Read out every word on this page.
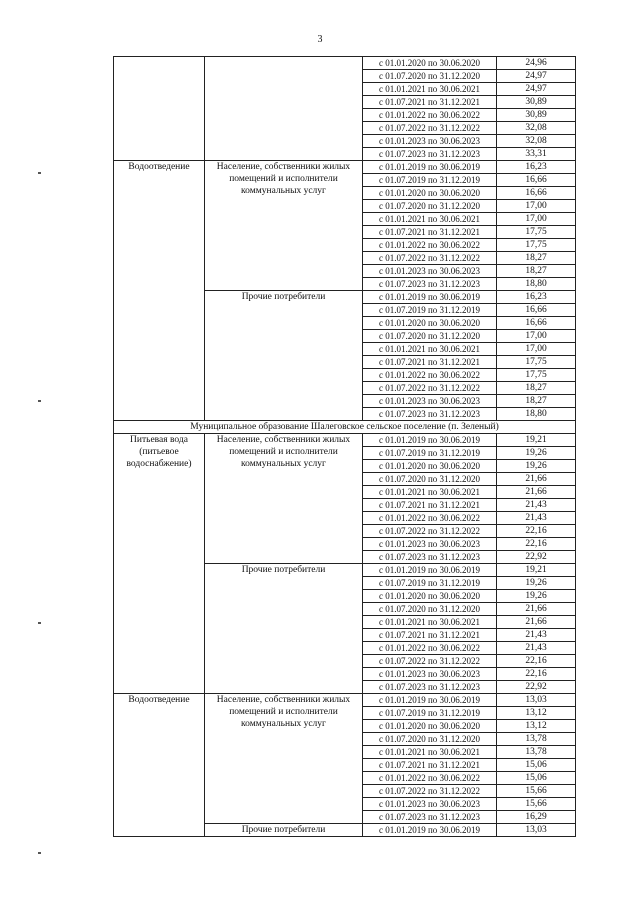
3
		с 01.01.2020 по 30.06.2020	24,96
		с 01.07.2020 по 31.12.2020	24,97
		с 01.01.2021 по 30.06.2021	24,97
		с 01.07.2021 по 31.12.2021	30,89
		с 01.01.2022 по 30.06.2022	30,89
		с 01.07.2022 по 31.12.2022	32,08
		с 01.01.2023 по 30.06.2023	32,08
		с 01.07.2023 по 31.12.2023	33,31
Водоотведение	Население, собственники жилых помещений и исполнители коммунальных услуг	с 01.01.2019 по 30.06.2019	16,23
		с 01.07.2019 по 31.12.2019	16,66
		с 01.01.2020 по 30.06.2020	16,66
		с 01.07.2020 по 31.12.2020	17,00
		с 01.01.2021 по 30.06.2021	17,00
		с 01.07.2021 по 31.12.2021	17,75
		с 01.01.2022 по 30.06.2022	17,75
		с 01.07.2022 по 31.12.2022	18,27
		с 01.01.2023 по 30.06.2023	18,27
		с 01.07.2023 по 31.12.2023	18,80
	Прочие потребители	с 01.01.2019 по 30.06.2019	16,23
		с 01.07.2019 по 31.12.2019	16,66
		с 01.01.2020 по 30.06.2020	16,66
		с 01.07.2020 по 31.12.2020	17,00
		с 01.01.2021 по 30.06.2021	17,00
		с 01.07.2021 по 31.12.2021	17,75
		с 01.01.2022 по 30.06.2022	17,75
		с 01.07.2022 по 31.12.2022	18,27
		с 01.01.2023 по 30.06.2023	18,27
		с 01.07.2023 по 31.12.2023	18,80
Муниципальное образование Шалеговское сельское поселение (п. Зеленый)			
Питьевая вода (питьевое водоснабжение)	Население, собственники жилых помещений и исполнители коммунальных услуг	с 01.01.2019 по 30.06.2019	19,21
		с 01.07.2019 по 31.12.2019	19,26
		с 01.01.2020 по 30.06.2020	19,26
		с 01.07.2020 по 31.12.2020	21,66
		с 01.01.2021 по 30.06.2021	21,66
		с 01.07.2021 по 31.12.2021	21,43
		с 01.01.2022 по 30.06.2022	21,43
		с 01.07.2022 по 31.12.2022	22,16
		с 01.01.2023 по 30.06.2023	22,16
		с 01.07.2023 по 31.12.2023	22,92
	Прочие потребители	с 01.01.2019 по 30.06.2019	19,21
		с 01.07.2019 по 31.12.2019	19,26
		с 01.01.2020 по 30.06.2020	19,26
		с 01.07.2020 по 31.12.2020	21,66
		с 01.01.2021 по 30.06.2021	21,66
		с 01.07.2021 по 31.12.2021	21,43
		с 01.01.2022 по 30.06.2022	21,43
		с 01.07.2022 по 31.12.2022	22,16
		с 01.01.2023 по 30.06.2023	22,16
		с 01.07.2023 по 31.12.2023	22,92
Водоотведение	Население, собственники жилых помещений и исполнители коммунальных услуг	с 01.01.2019 по 30.06.2019	13,03
		с 01.07.2019 по 31.12.2019	13,12
		с 01.01.2020 по 30.06.2020	13,12
		с 01.07.2020 по 31.12.2020	13,78
		с 01.01.2021 по 30.06.2021	13,78
		с 01.07.2021 по 31.12.2021	15,06
		с 01.01.2022 по 30.06.2022	15,06
		с 01.07.2022 по 31.12.2022	15,66
		с 01.01.2023 по 30.06.2023	15,66
		с 01.07.2023 по 31.12.2023	16,29
	Прочие потребители	с 01.01.2019 по 30.06.2019	13,03
